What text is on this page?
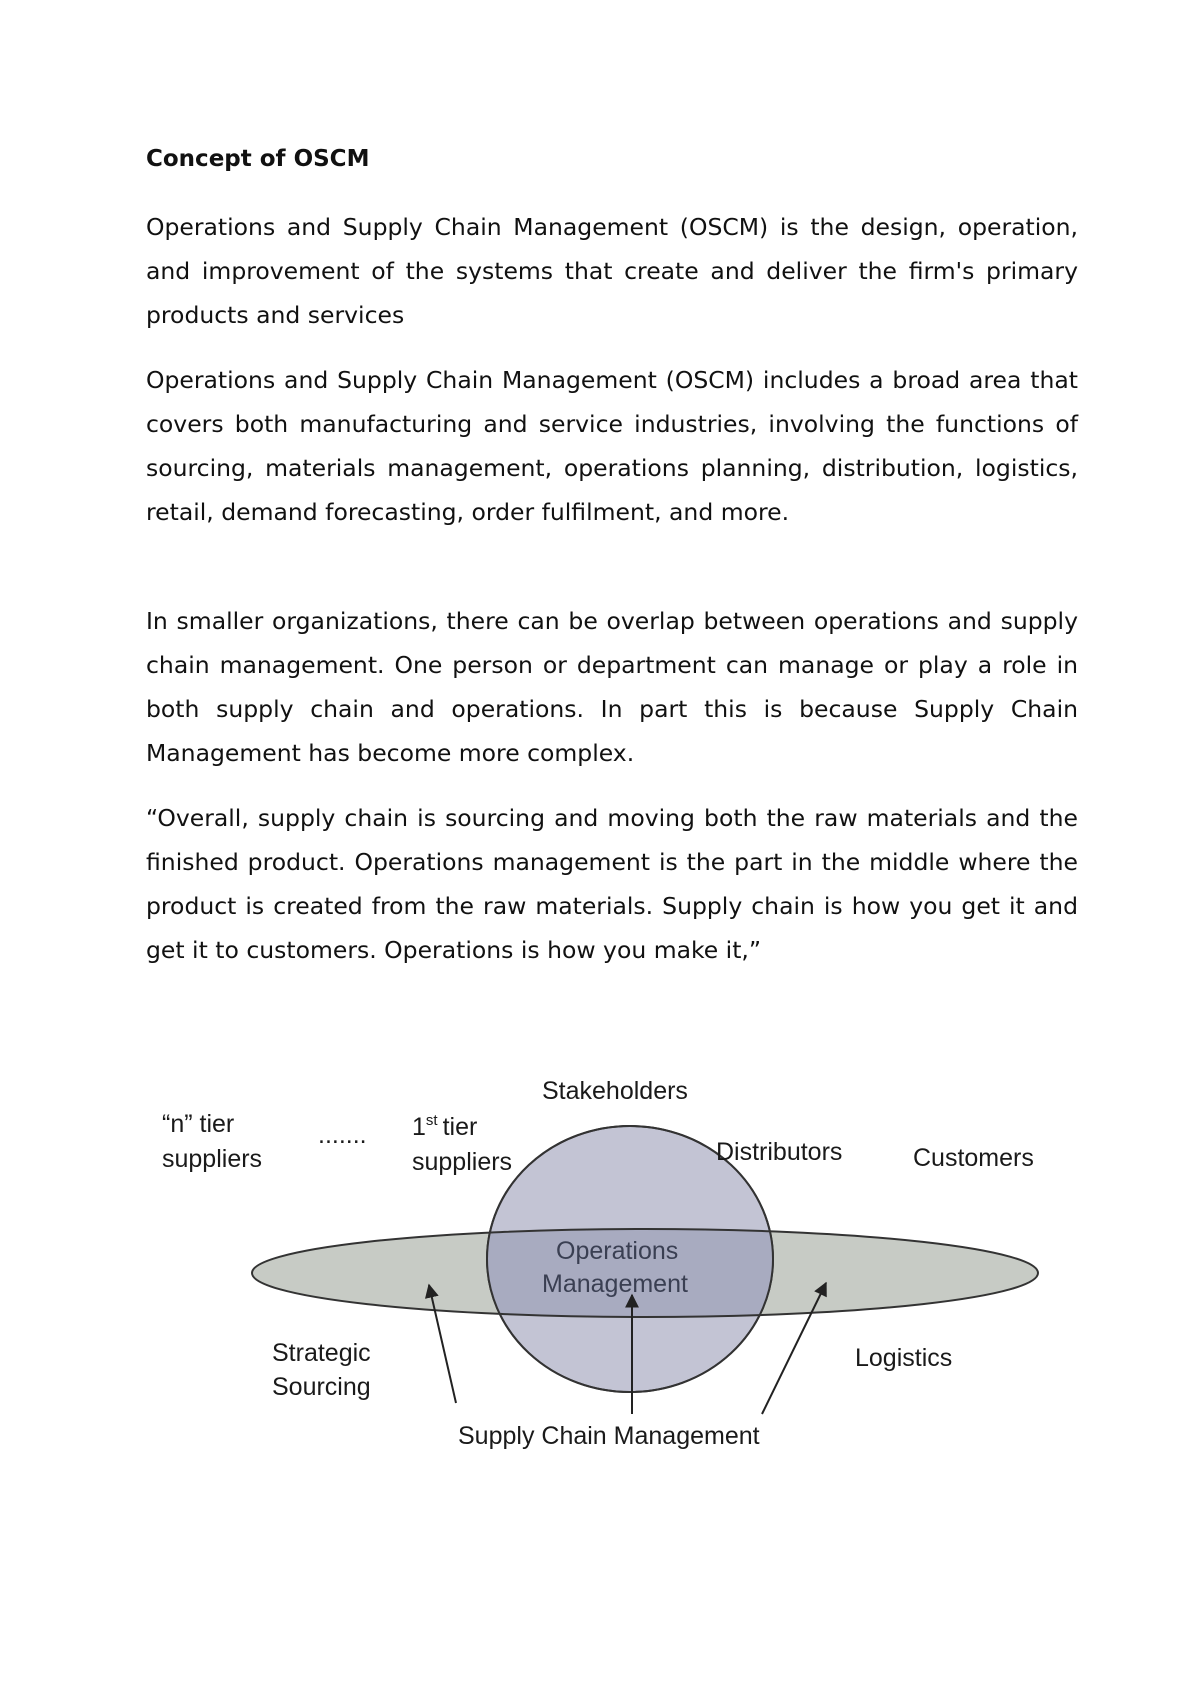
Concept of OSCM

Operations and Supply Chain Management (OSCM) is the design, operation, and improvement of the systems that create and deliver the firm's primary products and services

Operations and Supply Chain Management (OSCM) includes a broad area that covers both manufacturing and service industries, involving the functions of sourcing, materials management, operations planning, distribution, logistics, retail, demand forecasting, order fulfilment, and more.

In smaller organizations, there can be overlap between operations and supply chain management. One person or department can manage or play a role in both supply chain and operations. In part this is because Supply Chain Management has become more complex.

“Overall, supply chain is sourcing and moving both the raw materials and the finished product. Operations management is the part in the middle where the product is created from the raw materials. Supply chain is how you get it and get it to customers. Operations is how you make it,”

Stakeholders
“n” tier
suppliers
....... 1st tier
suppliers	Distributors	Customers
Operations
Management
Strategic
Sourcing
Logistics
Supply Chain Management
